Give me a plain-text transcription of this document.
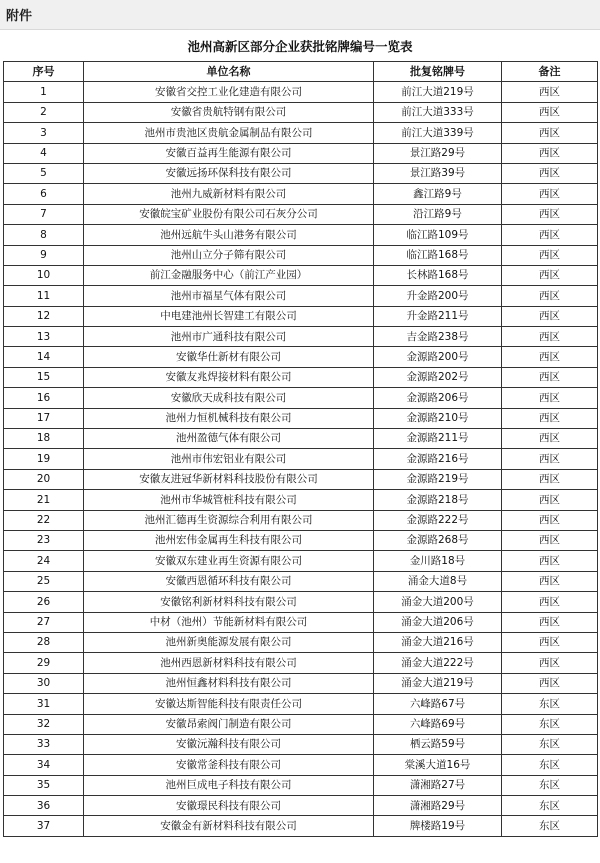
附件
池州高新区部分企业获批铭牌编号一览表
序号	单位名称	批复铭牌号	备注
1	安徽省交控工业化建造有限公司	前江大道219号	西区
2	安徽省贵航特钢有限公司	前江大道333号	西区
3	池州市贵池区贵航金属制品有限公司	前江大道339号	西区
4	安徽百益再生能源有限公司	景江路29号	西区
5	安徽远扬环保科技有限公司	景江路39号	西区
6	池州九威新材料有限公司	鑫江路9号	西区
7	安徽皖宝矿业股份有限公司石灰分公司	沿江路9号	西区
8	池州远航牛头山港务有限公司	临江路109号	西区
9	池州山立分子筛有限公司	临江路168号	西区
10	前江金融服务中心（前江产业园）	长林路168号	西区
11	池州市福星气体有限公司	升金路200号	西区
12	中电建池州长智建工有限公司	升金路211号	西区
13	池州市广通科技有限公司	吉金路238号	西区
14	安徽华仕新材有限公司	金源路200号	西区
15	安徽友兆焊接材料有限公司	金源路202号	西区
16	安徽欣天成科技有限公司	金源路206号	西区
17	池州力恒机械科技有限公司	金源路210号	西区
18	池州盈德气体有限公司	金源路211号	西区
19	池州市伟宏铝业有限公司	金源路216号	西区
20	安徽友进冠华新材料科技股份有限公司	金源路219号	西区
21	池州市华城管桩科技有限公司	金源路218号	西区
22	池州汇德再生资源综合利用有限公司	金源路222号	西区
23	池州宏伟金属再生科技有限公司	金源路268号	西区
24	安徽双东建业再生资源有限公司	金川路18号	西区
25	安徽西恩循环科技有限公司	涌金大道8号	西区
26	安徽铭利新材料科技有限公司	涌金大道200号	西区
27	中材（池州）节能新材料有限公司	涌金大道206号	西区
28	池州新奥能源发展有限公司	涌金大道216号	西区
29	池州西恩新材料科技有限公司	涌金大道222号	西区
30	池州恒鑫材料科技有限公司	涌金大道219号	西区
31	安徽达斯智能科技有限责任公司	六峰路67号	东区
32	安徽昂索阀门制造有限公司	六峰路69号	东区
33	安徽沅瀚科技有限公司	栖云路59号	东区
34	安徽常釜科技有限公司	棠溪大道16号	东区
35	池州巨成电子科技有限公司	潇湘路27号	东区
36	安徽璟民科技有限公司	潇湘路29号	东区
37	安徽金有新材料科技有限公司	牌楼路19号	东区
